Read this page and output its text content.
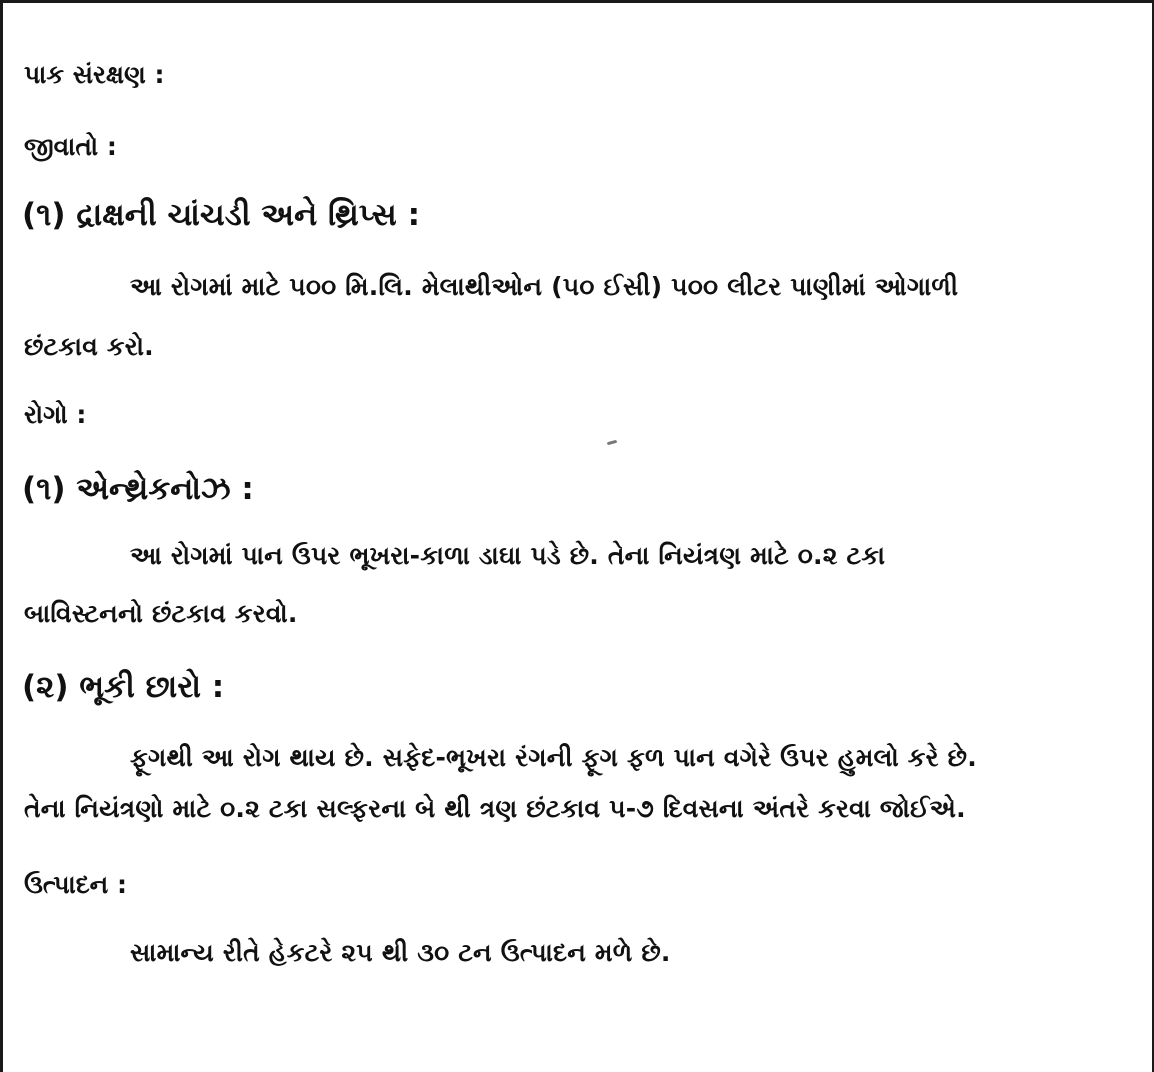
પાક સંરક્ષણ :
જીવાતો :
(૧) દ્રાક્ષની ચાંચડી અને થ્રિપ્સ :
આ રોગમાં માટે ૫૦૦ મિ.લિ. મેલાથીઓન (૫૦ ઈસી) ૫૦૦ લીટર પાણીમાં ઓગાળી
છંટકાવ કરો.
રોગો :
(૧) એન્થ્રેકનોઝ :
આ રોગમાં પાન ઉપર ભૂખરા-કાળા ડાઘા પડે છે. તેના નિયંત્રણ માટે ૦.૨ ટકા
બાવિસ્ટનનો છંટકાવ કરવો.
(૨) ભૂકી છારો :
ફૂગથી આ રોગ થાય છે. સફેદ-ભૂખરા રંગની ફૂગ ફળ પાન વગેરે ઉપર હુમલો કરે છે.
તેના નિયંત્રણો માટે ૦.૨ ટકા સલ્ફરના બે થી ત્રણ છંટકાવ ૫-૭ દિવસના અંતરે કરવા જોઈએ.
ઉત્પાદન :
સામાન્ય રીતે હેકટરે ૨૫ થી ૩૦ ટન ઉત્પાદન મળે છે.
